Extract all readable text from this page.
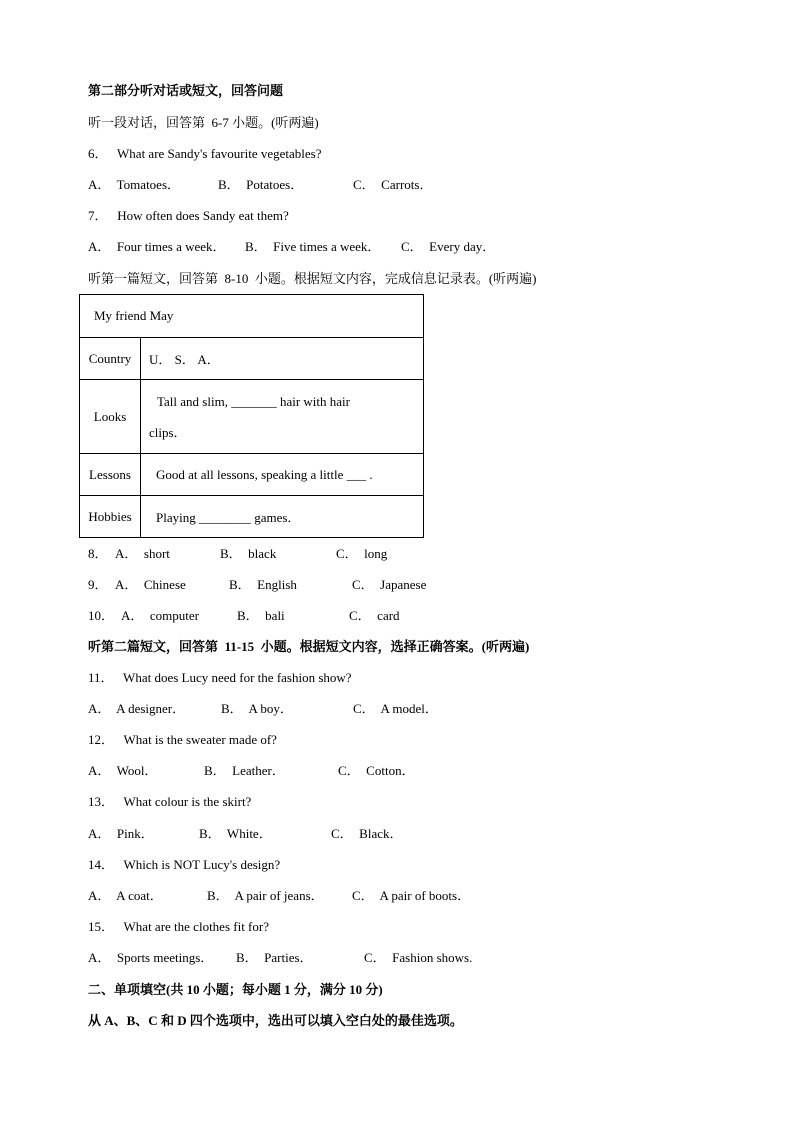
第二部分听对话或短文，回答问题
听一段对话，回答第  6-7 小题。(听两遍)
6． What are Sandy's favourite vegetables?
A．  Tomatoes．	B．  Potatoes．	C．  Carrots．
7． How often does Sandy eat them?
A．  Four times a week． B．  Five times a week． C．  Every day．
听第一篇短文，回答第  8-10  小题。根据短文内容，完成信息记录表。(听两遍)
My friend May	
Country	U． S． A．
Looks	Tall and slim, _______ hair with hair
clips．

Lessons	Good at all lessons, speaking a little ___ .
Hobbies	Playing ________ games．
8． A．  short	B．  black	C．  long
9． A．  Chinese	B．  English	C．  Japanese
10． A．  computer	B．  bali	C．  card
听第二篇短文，回答第  11-15  小题。根据短文内容，选择正确答案。(听两遍)
11． What does Lucy need for the fashion show?
A．  A designer．	B．  A boy．	C．  A model．
12． What is the sweater made of?
A．  Wool．	B．  Leather．	C．  Cotton．
13． What colour is the skirt?
A．  Pink．	B．  White．	C．  Black．
14． Which is NOT Lucy's design?
A．  A coat．	B．  A pair of jeans． C．  A pair of boots．
15． What are the clothes fit for?
A．  Sports meetings． B．  Parties．	C．  Fashion shows.
二、单项填空(共 10 小题；每小题 1 分，满分 10 分)
从 A、B、C 和 D 四个选项中，选出可以填入空白处的最佳选项。
